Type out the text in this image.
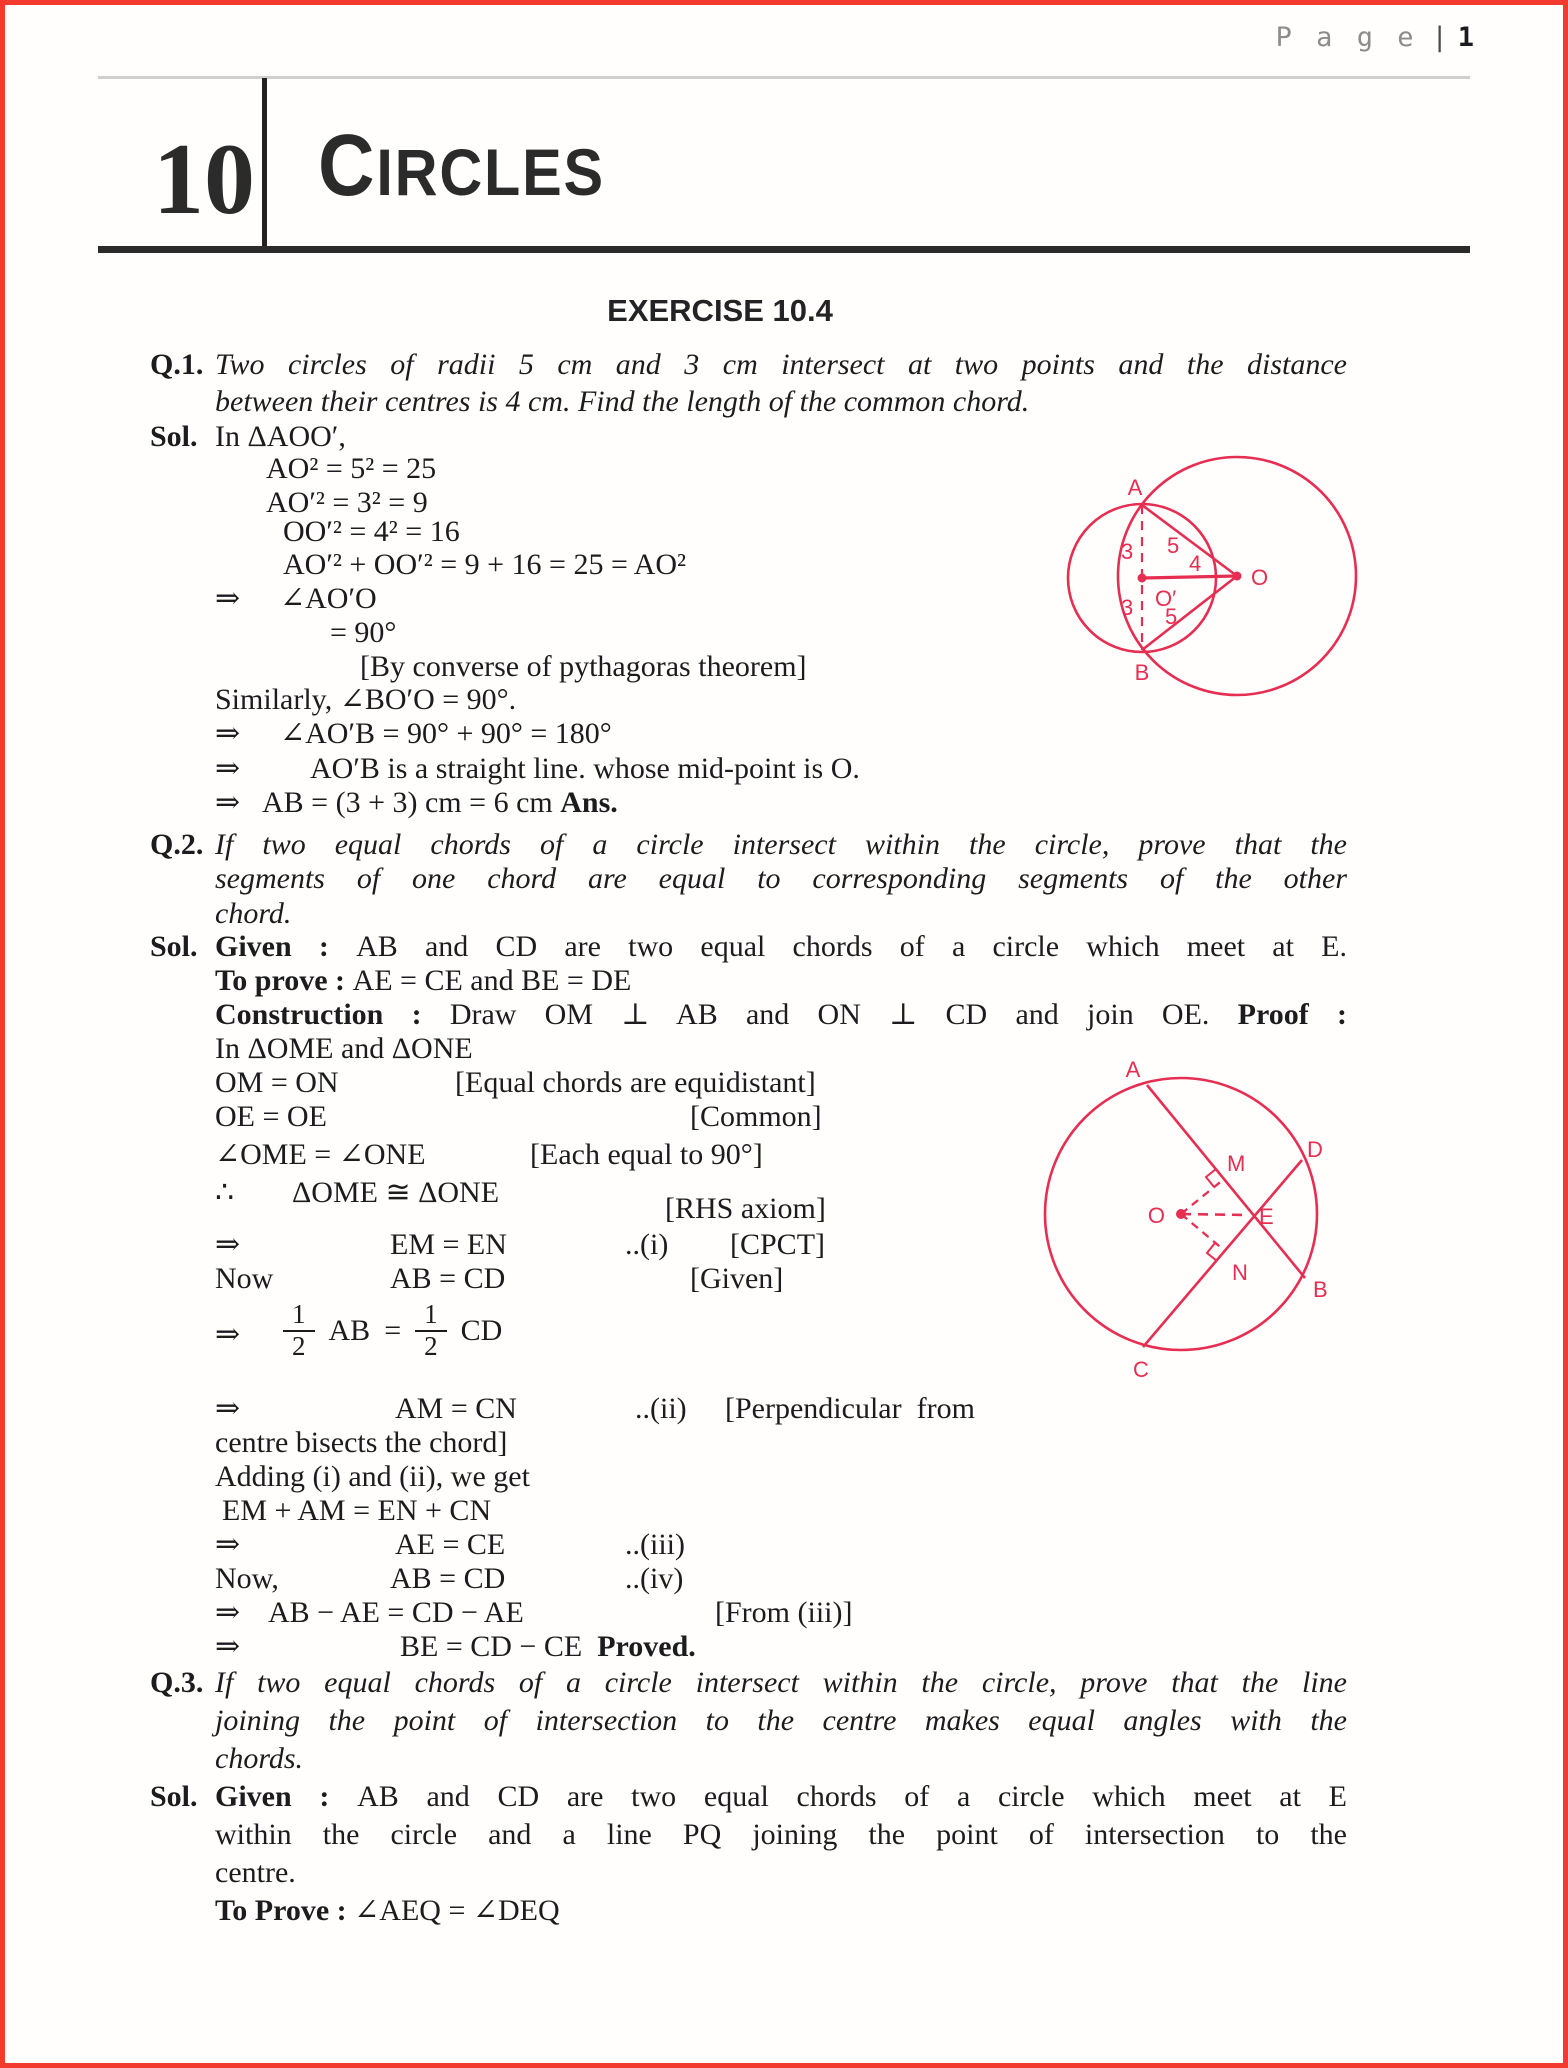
P a g e | 1
10 CIRCLES
EXERCISE 10.4
Q.1. Two circles of radii 5 cm and 3 cm intersect at two points and the distance
between their centres is 4 cm. Find the length of the common chord.
Sol. In ΔAOO′,
AO² = 5² = 25
AO′² = 3² = 9
OO′² = 4² = 16
AO′² + OO′² = 9 + 16 = 25 = AO²
⇒ ∠AO′O
= 90°
[By converse of pythagoras theorem]
Similarly, ∠BO′O = 90°.
⇒ ∠AO′B = 90° + 90° = 180°
⇒ AO′B is a straight line. whose mid-point is O.
⇒ AB = (3 + 3) cm = 6 cm Ans.
A
B
O′
O
3 5
4
3 5
Q.2. If two equal chords of a circle intersect within the circle, prove that the
segments of one chord are equal to corresponding segments of the other
chord.
Sol. Given : AB and CD are two equal chords of a circle which meet at E.
To prove : AE = CE and BE = DE
Construction : Draw OM ⊥ AB and ON ⊥ CD and join OE. Proof :
In ΔOME and ΔONE
OM = ON	[Equal chords are equidistant]
OE = OE	[Common]
∠OME = ∠ONE	[Each equal to 90°]
∴ ΔOME ≅ ΔONE	[RHS axiom]
⇒	EM = EN	..(i) [CPCT]
Now	AB = CD	[Given]
⇒ $\frac{1}{2}$ AB = $\frac{1}{2}$ CD
⇒	AM = CN	..(ii) [Perpendicular  from
centre bisects the chord]
Adding (i) and (ii), we get
EM + AM = EN + CN
⇒	AE = CE	..(iii)
Now,	AB = CD	..(iv)
⇒ AB − AE = CD − AE	[From (iii)]
⇒	BE = CD − CE  Proved.
A
D
M
O	E
N
B
C
Q.3. If two equal chords of a circle intersect within the circle, prove that the line
joining the point of intersection to the centre makes equal angles with the
chords.
Sol. Given : AB and CD are two equal chords of a circle which meet at E
within the circle and a line PQ joining the point of intersection to the
centre.
To Prove : ∠AEQ = ∠DEQ
